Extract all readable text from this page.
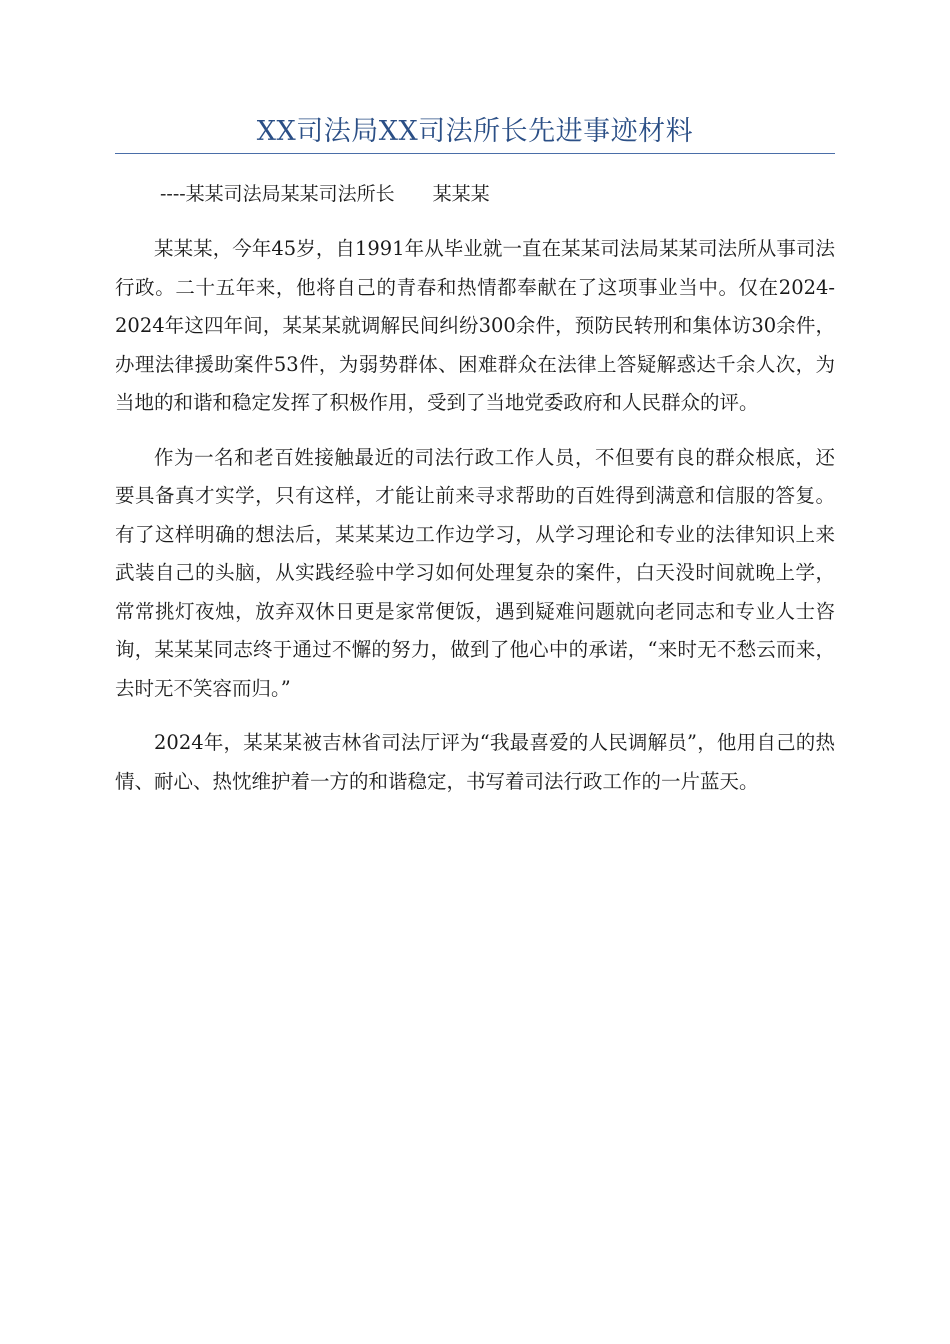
XX司法局XX司法所长先进事迹材料
----某某司法局某某司法所长　　某某某

某某某，今年45岁，自1991年从毕业就一直在某某司法局某某司法所从事司法行政。二十五年来，他将自己的青春和热情都奉献在了这项事业当中。仅在2024-2024年这四年间，某某某就调解民间纠纷300余件，预防民转刑和集体访30余件，办理法律援助案件53件，为弱势群体、困难群众在法律上答疑解惑达千余人次，为当地的和谐和稳定发挥了积极作用，受到了当地党委政府和人民群众的评。

作为一名和老百姓接触最近的司法行政工作人员，不但要有良的群众根底，还要具备真才实学，只有这样，才能让前来寻求帮助的百姓得到满意和信服的答复。有了这样明确的想法后，某某某边工作边学习，从学习理论和专业的法律知识上来武装自己的头脑，从实践经验中学习如何处理复杂的案件，白天没时间就晚上学，常常挑灯夜烛，放弃双休日更是家常便饭，遇到疑难问题就向老同志和专业人士咨询，某某某同志终于通过不懈的努力，做到了他心中的承诺，“来时无不愁云而来，去时无不笑容而归。”

2024年，某某某被吉林省司法厅评为“我最喜爱的人民调解员”，他用自己的热情、耐心、热忱维护着一方的和谐稳定，书写着司法行政工作的一片蓝天。
